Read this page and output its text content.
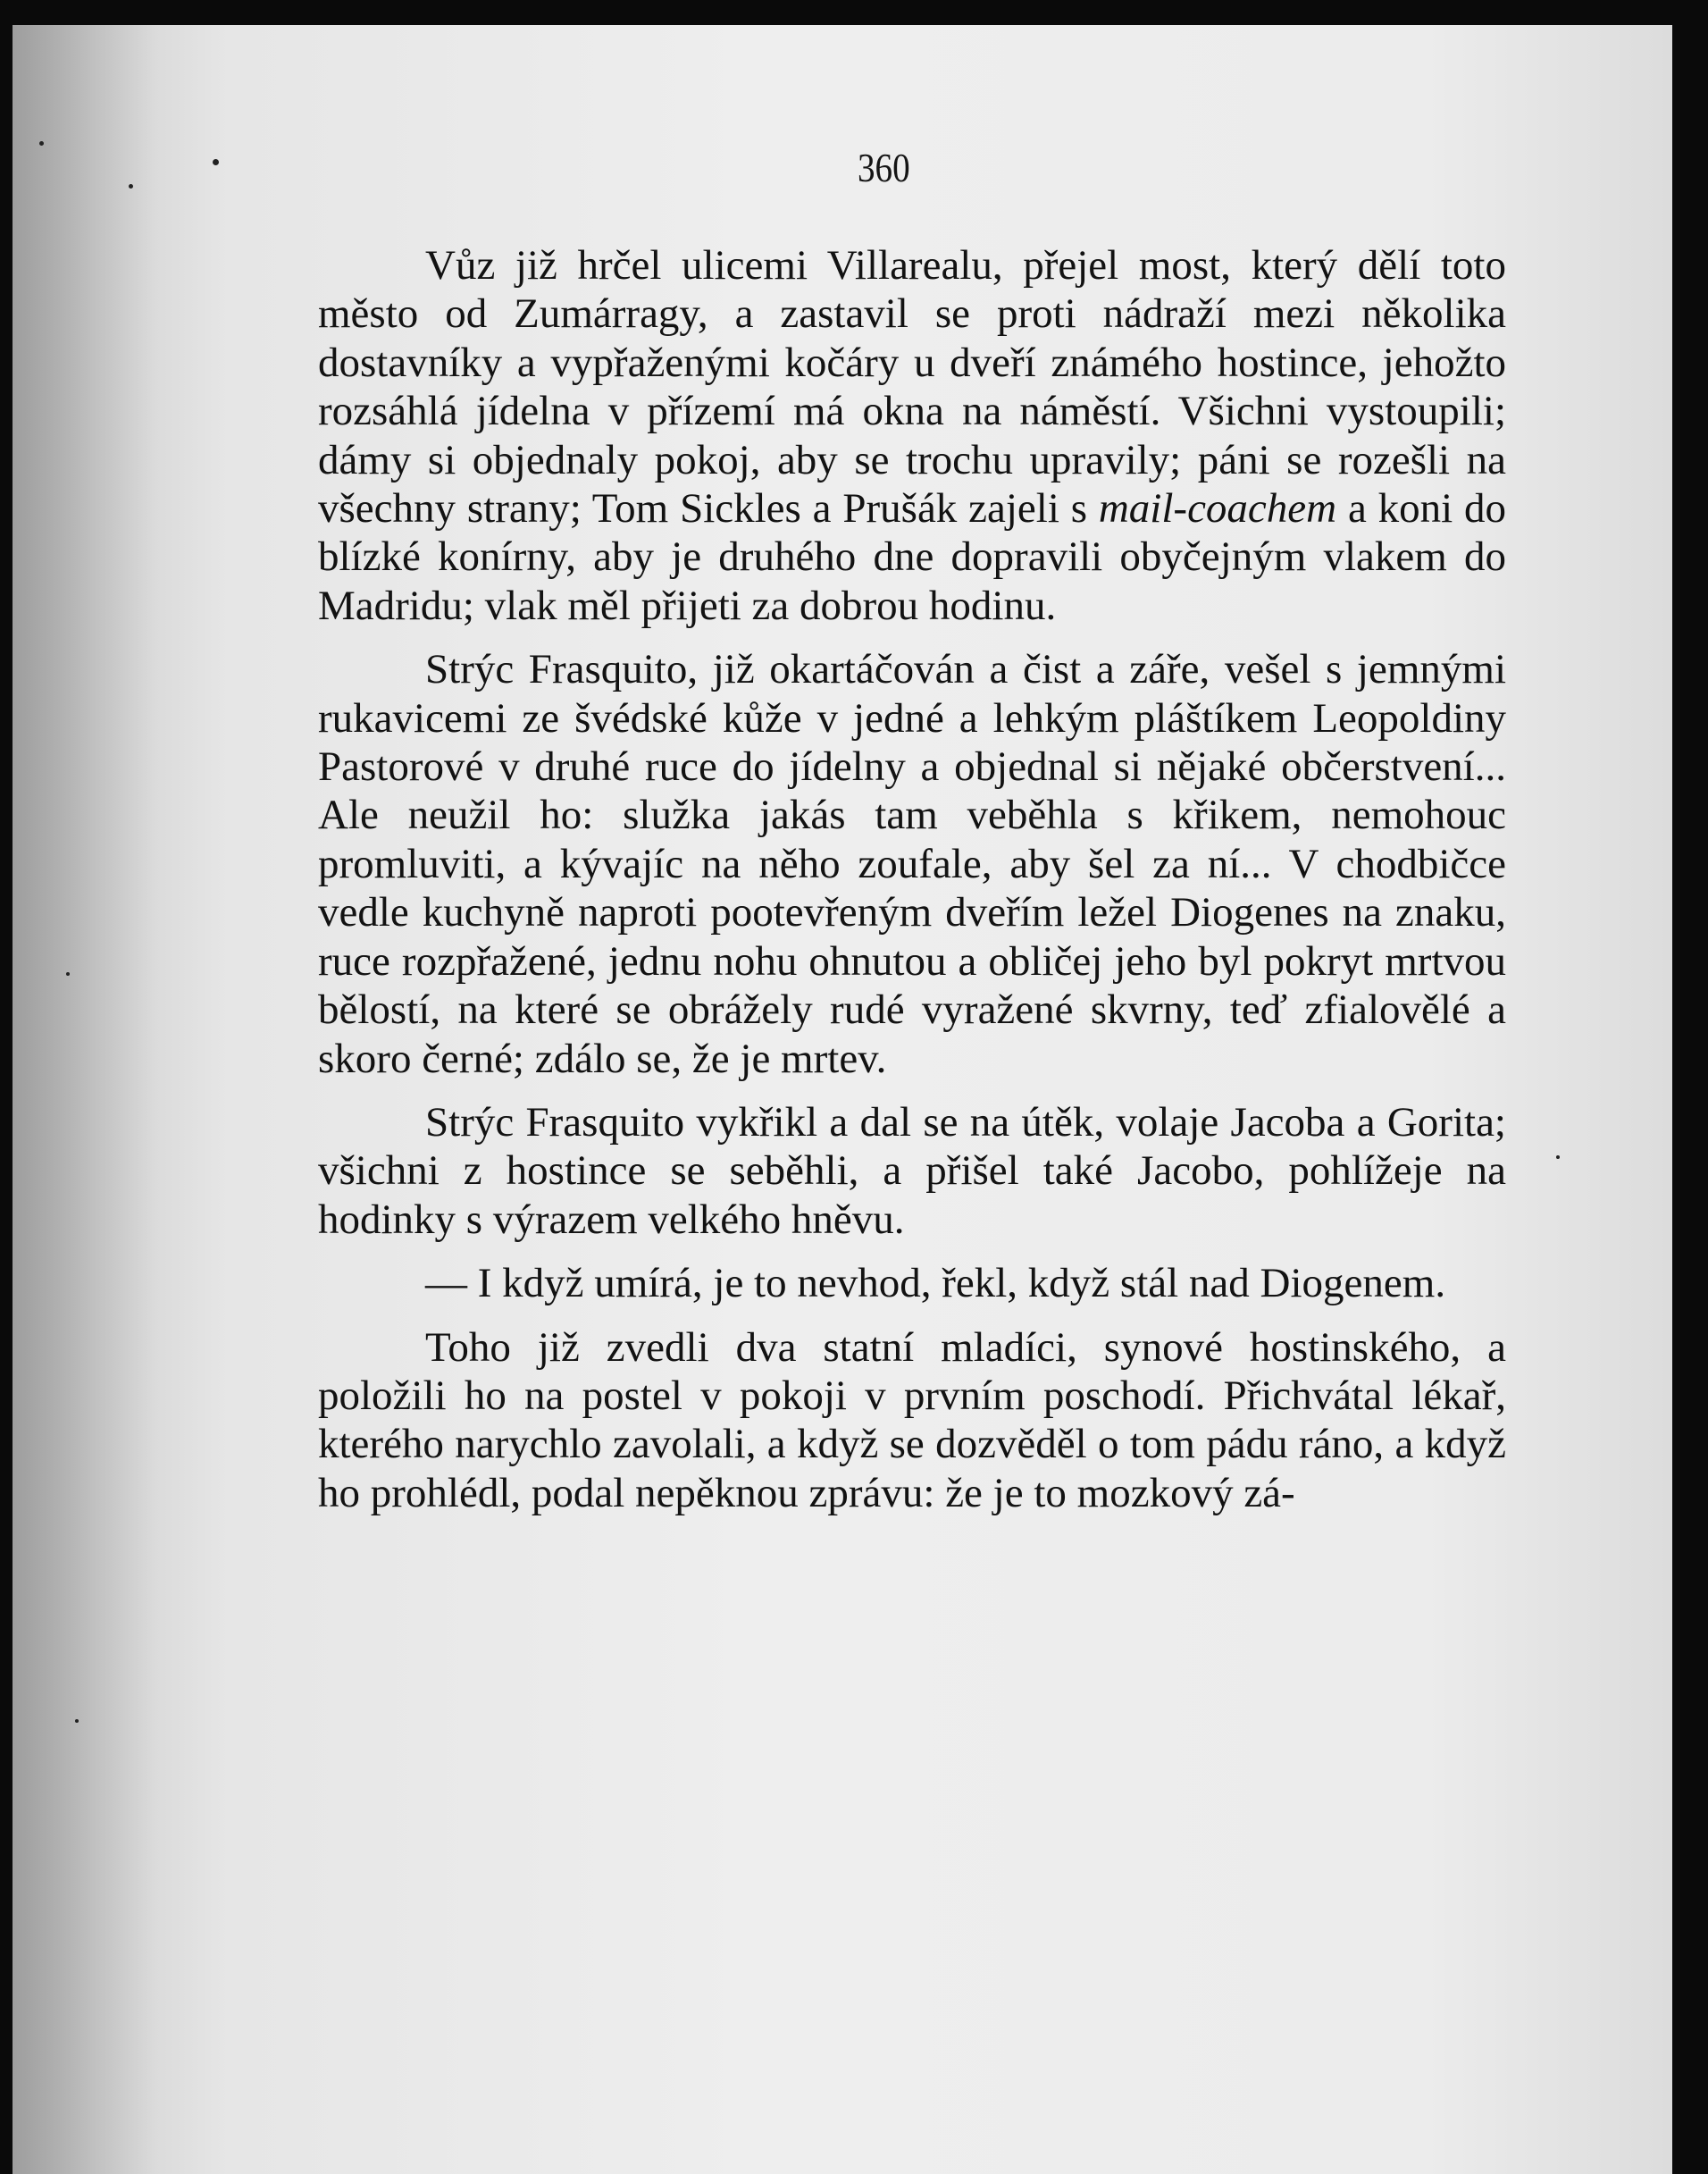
360

Vůz již hrčel ulicemi Villarealu, přejel most, který dělí toto město od Zumárragy, a zastavil se proti nádraží mezi několika dostavníky a vypřaženými kočáry u dveří známého hostince, jehožto rozsáhlá jídelna v přízemí má okna na náměstí. Všichni vystoupili; dámy si objednaly pokoj, aby se trochu upravily; páni se rozešli na všechny strany; Tom Sickles a Prušák zajeli s mail-coachem a koni do blízké konírny, aby je druhého dne dopravili obyčejným vlakem do Madridu; vlak měl přijeti za dobrou hodinu.

Strýc Frasquito, již okartáčován a čist a záře, vešel s jemnými rukavicemi ze švédské kůže v jedné a lehkým pláštíkem Leopoldiny Pastorové v druhé ruce do jídelny a objednal si nějaké občerstvení... Ale neužil ho: služka jakás tam veběhla s křikem, nemohouc promluviti, a kývajíc na něho zoufale, aby šel za ní... V chodbičce vedle kuchyně naproti pootevřeným dveřím ležel Diogenes na znaku, ruce rozpřažené, jednu nohu ohnutou a obličej jeho byl pokryt mrtvou bělostí, na které se obrážely rudé vyražené skvrny, teď zfialovělé a skoro černé; zdálo se, že je mrtev.

Strýc Frasquito vykřikl a dal se na útěk, volaje Jacoba a Gorita; všichni z hostince se seběhli, a přišel také Jacobo, pohlížeje na hodinky s výrazem velkého hněvu.

— I když umírá, je to nevhod, řekl, když stál nad Diogenem.

Toho již zvedli dva statní mladíci, synové hostinského, a položili ho na postel v pokoji v prvním poschodí. Přichvátal lékař, kterého narychlo zavolali, a když se dozvěděl o tom pádu ráno, a když ho prohlédl, podal nepěknou zprávu: že je to mozkový zá-
